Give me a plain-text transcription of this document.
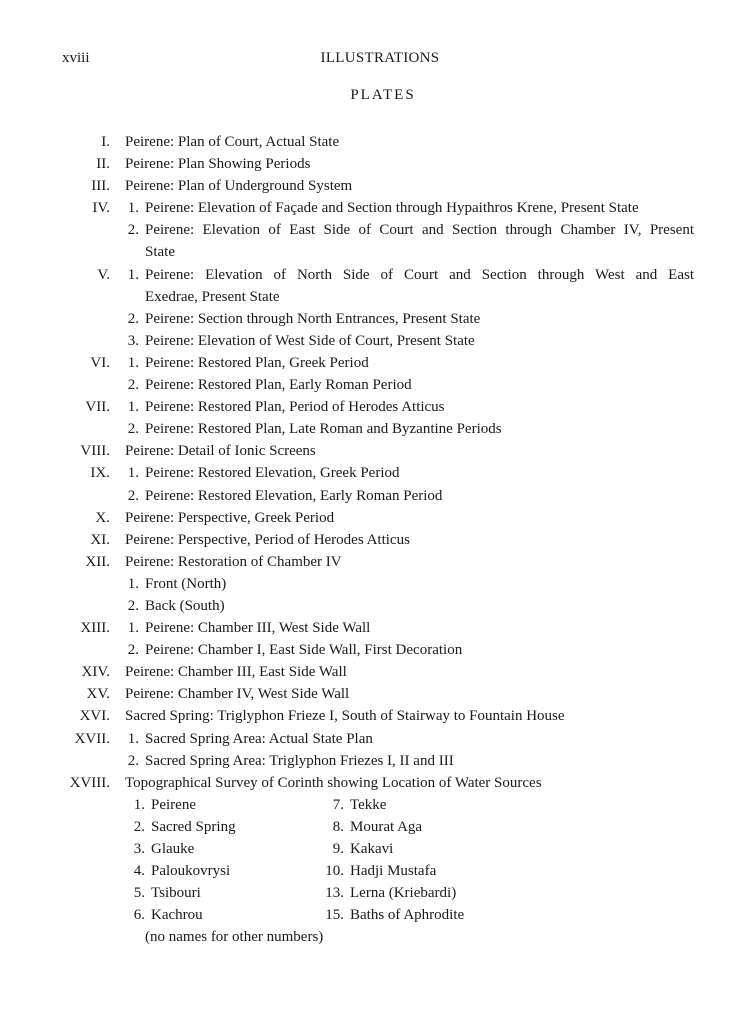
xviii	ILLUSTRATIONS
PLATES
I. Peirene: Plan of Court, Actual State
II. Peirene: Plan Showing Periods
III. Peirene: Plan of Underground System
IV. 1. Peirene: Elevation of Façade and Section through Hypaithros Krene, Present State
2. Peirene: Elevation of East Side of Court and Section through Chamber IV, Present
State
V. 1. Peirene: Elevation of North Side of Court and Section through West and East
Exedrae, Present State
2. Peirene: Section through North Entrances, Present State
3. Peirene: Elevation of West Side of Court, Present State
VI. 1. Peirene: Restored Plan, Greek Period
2. Peirene: Restored Plan, Early Roman Period
VII. 1. Peirene: Restored Plan, Period of Herodes Atticus
2. Peirene: Restored Plan, Late Roman and Byzantine Periods
VIII. Peirene: Detail of Ionic Screens
IX. 1. Peirene: Restored Elevation, Greek Period
2. Peirene: Restored Elevation, Early Roman Period
X. Peirene: Perspective, Greek Period
XI. Peirene: Perspective, Period of Herodes Atticus
XII. Peirene: Restoration of Chamber IV
1. Front (North)
2. Back (South)
XIII. 1. Peirene: Chamber III, West Side Wall
2. Peirene: Chamber I, East Side Wall, First Decoration
XIV. Peirene: Chamber III, East Side Wall
XV. Peirene: Chamber IV, West Side Wall
XVI. Sacred Spring: Triglyphon Frieze I, South of Stairway to Fountain House
XVII. 1. Sacred Spring Area: Actual State Plan
2. Sacred Spring Area: Triglyphon Friezes I, II and III
XVIII. Topographical Survey of Corinth showing Location of Water Sources
1. Peirene
2. Sacred Spring
3. Glauke
4. Paloukovrysi
5. Tsibouri
6. Kachrou
7. Tekke
8. Mourat Aga
9. Kakavi
10. Hadji Mustafa
13. Lerna (Kriebardi)
15. Baths of Aphrodite
(no names for other numbers)
